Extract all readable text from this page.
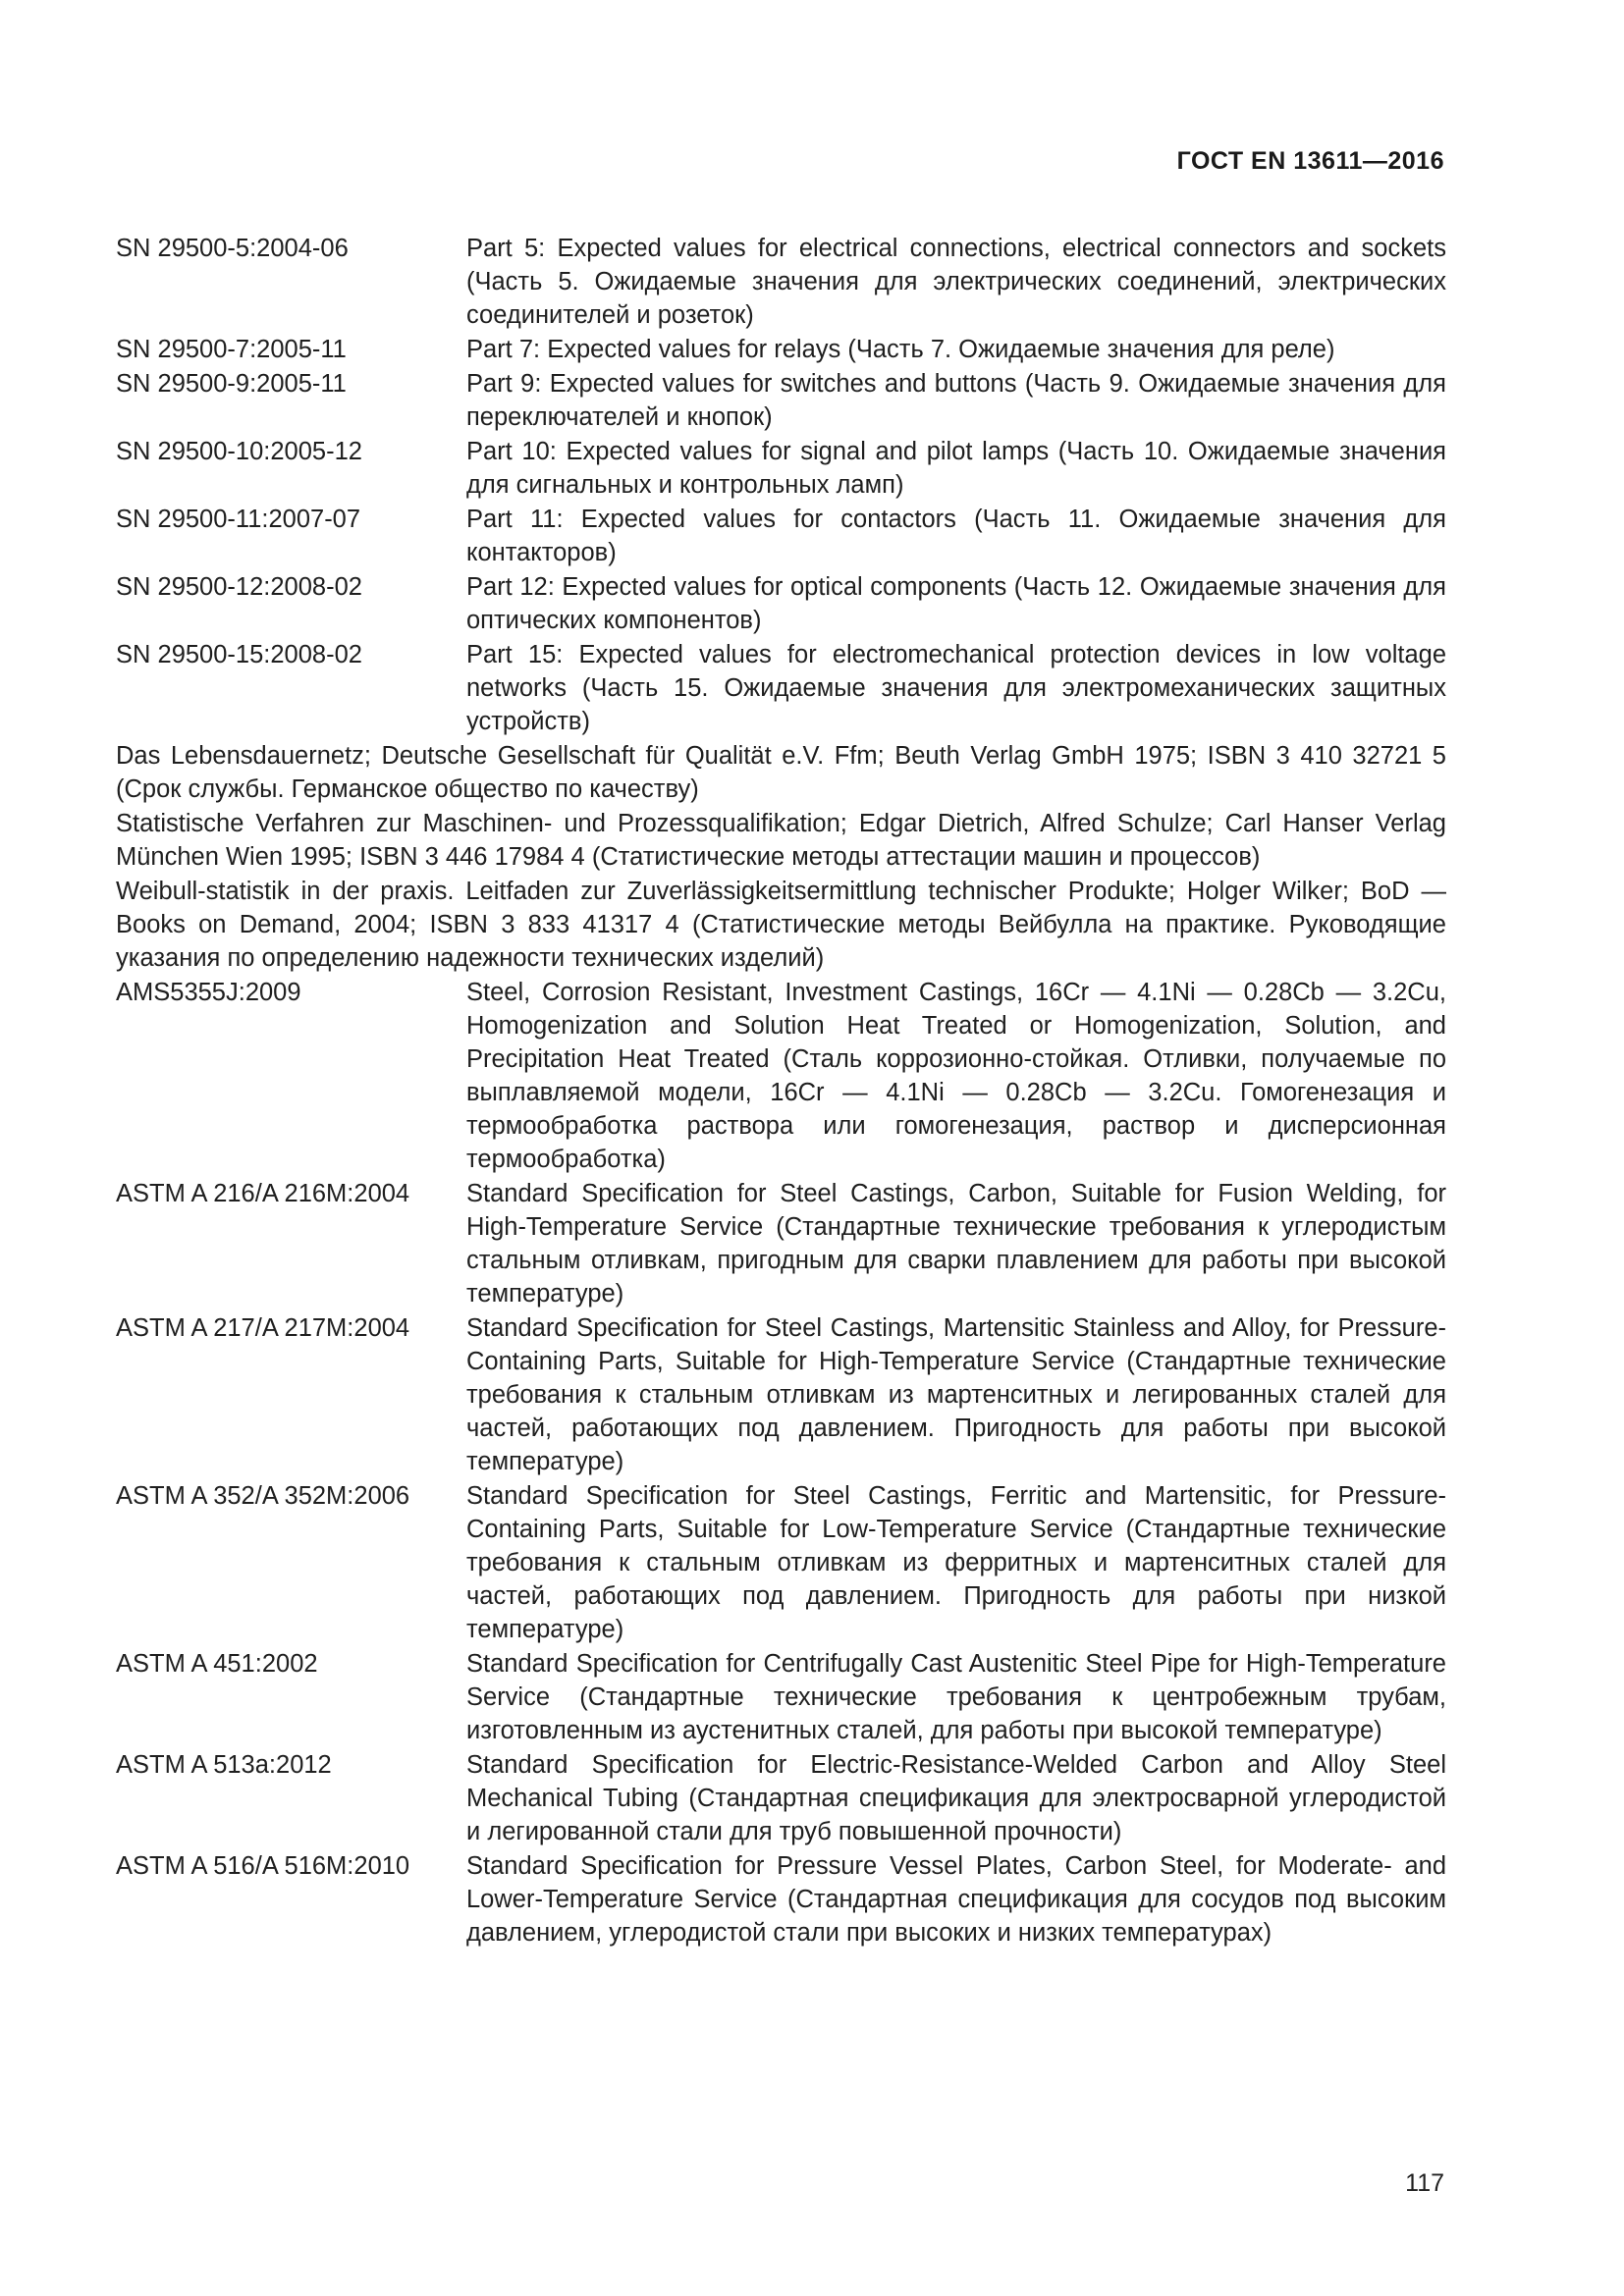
ГОСТ EN 13611—2016
SN 29500-5:2004-06	Part 5: Expected values for electrical connections, electrical connectors and sockets (Часть 5. Ожидаемые значения для электрических соединений, электрических соединителей и розеток)
SN 29500-7:2005-11	Part 7: Expected values for relays (Часть 7. Ожидаемые значения для реле)
SN 29500-9:2005-11	Part 9: Expected values for switches and buttons (Часть 9. Ожидаемые значения для переключателей и кнопок)
SN 29500-10:2005-12	Part 10: Expected values for signal and pilot lamps (Часть 10. Ожидаемые значения для сигнальных и контрольных ламп)
SN 29500-11:2007-07	Part 11: Expected values for contactors (Часть 11. Ожидаемые значения для контакторов)
SN 29500-12:2008-02	Part 12: Expected values for optical components (Часть 12. Ожидаемые значения для оптических компонентов)
SN 29500-15:2008-02	Part 15: Expected values for electromechanical protection devices in low voltage networks (Часть 15. Ожидаемые значения для электромеханических защитных устройств)
Das Lebensdauernetz; Deutsche Gesellschaft für Qualität e.V. Ffm; Beuth Verlag GmbH 1975; ISBN 3 410 32721 5 (Срок службы. Германское общество по качеству)
Statistische Verfahren zur Maschinen- und Prozessqualifikation; Edgar Dietrich, Alfred Schulze; Carl Hanser Verlag München Wien 1995; ISBN 3 446 17984 4 (Статистические методы аттестации машин и процессов)
Weibull-statistik in der praxis. Leitfaden zur Zuverlässigkeitsermittlung technischer Produkte; Holger Wilker; BoD — Books on Demand, 2004; ISBN 3 833 41317 4 (Статистические методы Вейбулла на практике. Руководящие указания по определению надежности технических изделий)
AMS5355J:2009	Steel, Corrosion Resistant, Investment Castings, 16Cr — 4.1Ni — 0.28Cb — 3.2Cu, Homogenization and Solution Heat Treated or Homogenization, Solution, and Precipitation Heat Treated (Сталь коррозионно-стойкая. Отливки, получаемые по выплавляемой модели, 16Cr — 4.1Ni — 0.28Cb — 3.2Cu. Гомогенезация и термообработка раствора или гомогенезация, раствор и дисперсионная термообработка)
ASTM A 216/A 216M:2004	Standard Specification for Steel Castings, Carbon, Suitable for Fusion Welding, for High-Temperature Service (Стандартные технические требования к углеродистым стальным отливкам, пригодным для сварки плавлением для работы при высокой температуре)
ASTM A 217/A 217M:2004	Standard Specification for Steel Castings, Martensitic Stainless and Alloy, for Pressure-Containing Parts, Suitable for High-Temperature Service (Стандартные технические требования к стальным отливкам из мартенситных и легированных сталей для частей, работающих под давлением. Пригодность для работы при высокой температуре)
ASTM A 352/A 352M:2006	Standard Specification for Steel Castings, Ferritic and Martensitic, for Pressure-Containing Parts, Suitable for Low-Temperature Service (Стандартные технические требования к стальным отливкам из ферритных и мартенситных сталей для частей, работающих под давлением. Пригодность для работы при низкой температуре)
ASTM A 451:2002	Standard Specification for Centrifugally Cast Austenitic Steel Pipe for High-Temperature Service (Стандартные технические требования к центробежным трубам, изготовленным из аустенитных сталей, для работы при высокой температуре)
ASTM A 513a:2012	Standard Specification for Electric-Resistance-Welded Carbon and Alloy Steel Mechanical Tubing (Стандартная спецификация для электросварной углеродистой и легированной стали для труб повышенной прочности)
ASTM A 516/A 516M:2010	Standard Specification for Pressure Vessel Plates, Carbon Steel, for Moderate- and Lower-Temperature Service (Стандартная спецификация для сосудов под высоким давлением, углеродистой стали при высоких и низких температурах)
117
